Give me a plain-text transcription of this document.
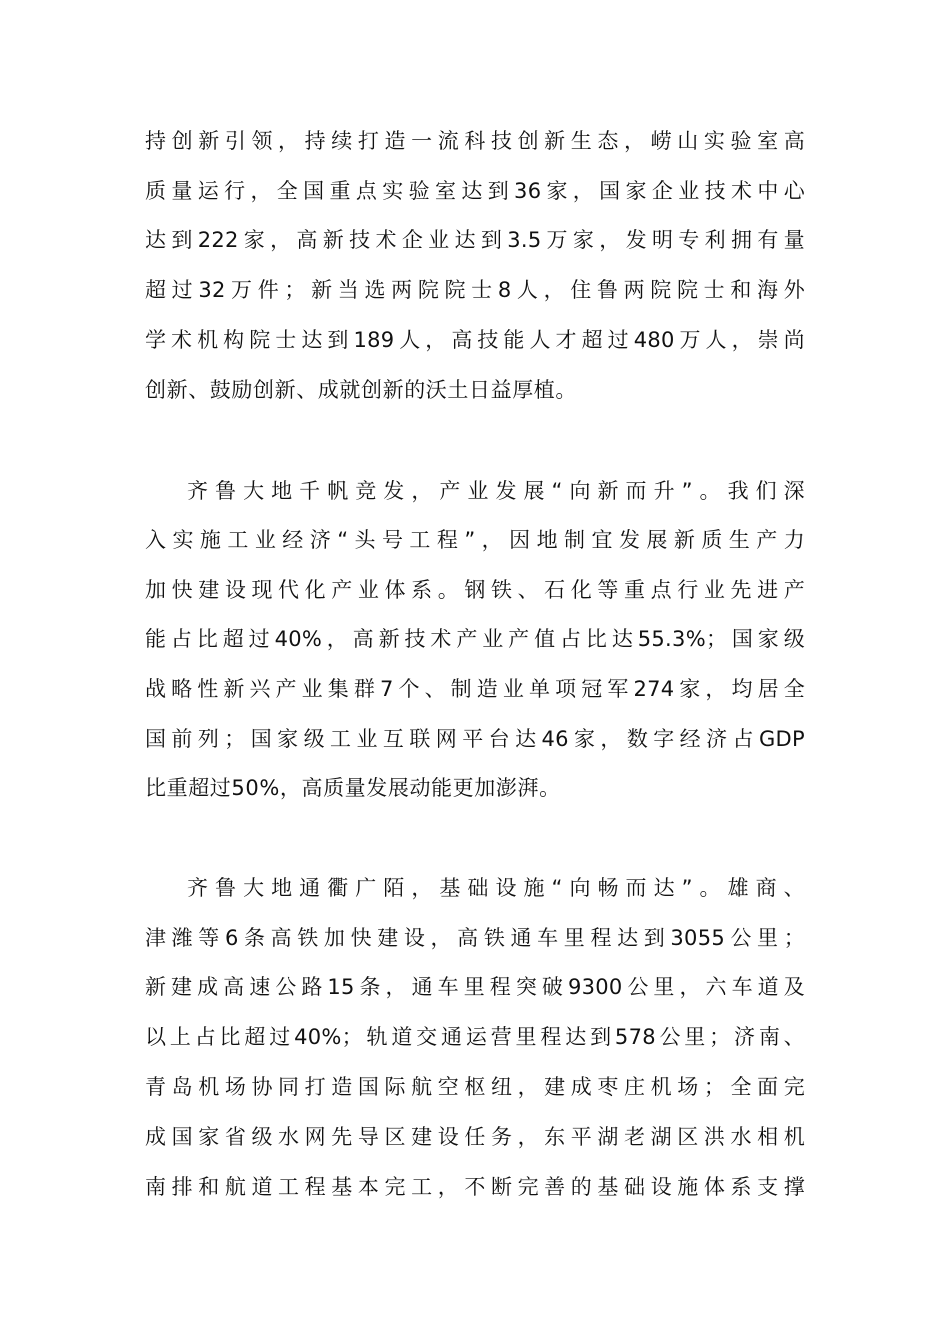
持创新引领，持续打造一流科技创新生态，崂山实验室高
质量运行，全国重点实验室达到36家，国家企业技术中心
达到222家，高新技术企业达到3.5万家，发明专利拥有量
超过32万件；新当选两院院士8人，住鲁两院院士和海外
学术机构院士达到189人，高技能人才超过480万人，崇尚
创新、鼓励创新、成就创新的沃土日益厚植。
齐鲁大地千帆竞发，产业发展“向新而升”。我们深
入实施工业经济“头号工程”，因地制宜发展新质生产力
加快建设现代化产业体系。钢铁、石化等重点行业先进产
能占比超过40%，高新技术产业产值占比达55.3%；国家级
战略性新兴产业集群7个、制造业单项冠军274家，均居全
国前列；国家级工业互联网平台达46家，数字经济占GDP
比重超过50%，高质量发展动能更加澎湃。
齐鲁大地通衢广陌，基础设施“向畅而达”。雄商、
津潍等6条高铁加快建设，高铁通车里程达到3055公里；
新建成高速公路15条，通车里程突破9300公里，六车道及
以上占比超过40%；轨道交通运营里程达到578公里；济南、
青岛机场协同打造国际航空枢纽，建成枣庄机场；全面完
成国家省级水网先导区建设任务，东平湖老湖区洪水相机
南排和航道工程基本完工，不断完善的基础设施体系支撑
